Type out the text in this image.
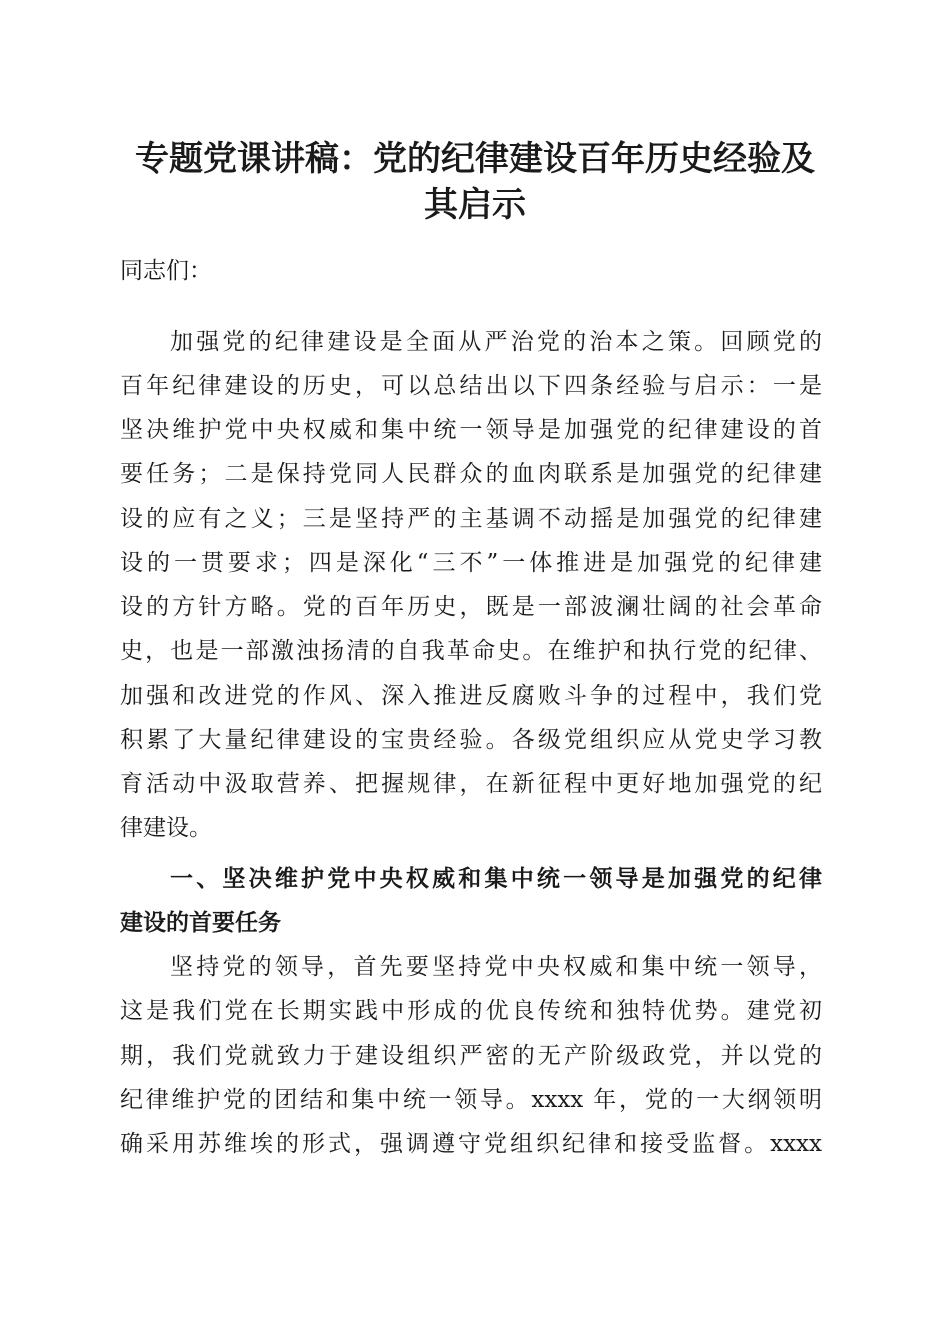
专题党课讲稿：党的纪律建设百年历史经验及
其启示

同志们：

加强党的纪律建设是全面从严治党的治本之策。回顾党的

百年纪律建设的历史，可以总结出以下四条经验与启示：一是

坚决维护党中央权威和集中统一领导是加强党的纪律建设的首

要任务；二是保持党同人民群众的血肉联系是加强党的纪律建

设的应有之义；三是坚持严的主基调不动摇是加强党的纪律建

设的一贯要求；四是深化“三不”一体推进是加强党的纪律建

设的方针方略。党的百年历史，既是一部波澜壮阔的社会革命

史，也是一部激浊扬清的自我革命史。在维护和执行党的纪律、

加强和改进党的作风、深入推进反腐败斗争的过程中，我们党

积累了大量纪律建设的宝贵经验。各级党组织应从党史学习教

育活动中汲取营养、把握规律，在新征程中更好地加强党的纪

律建设。

一、坚决维护党中央权威和集中统一领导是加强党的纪律

建设的首要任务

坚持党的领导，首先要坚持党中央权威和集中统一领导，

这是我们党在长期实践中形成的优良传统和独特优势。建党初

期，我们党就致力于建设组织严密的无产阶级政党，并以党的

纪律维护党的团结和集中统一领导。xxxx 年，党的一大纲领明

确采用苏维埃的形式，强调遵守党组织纪律和接受监督。xxxx
